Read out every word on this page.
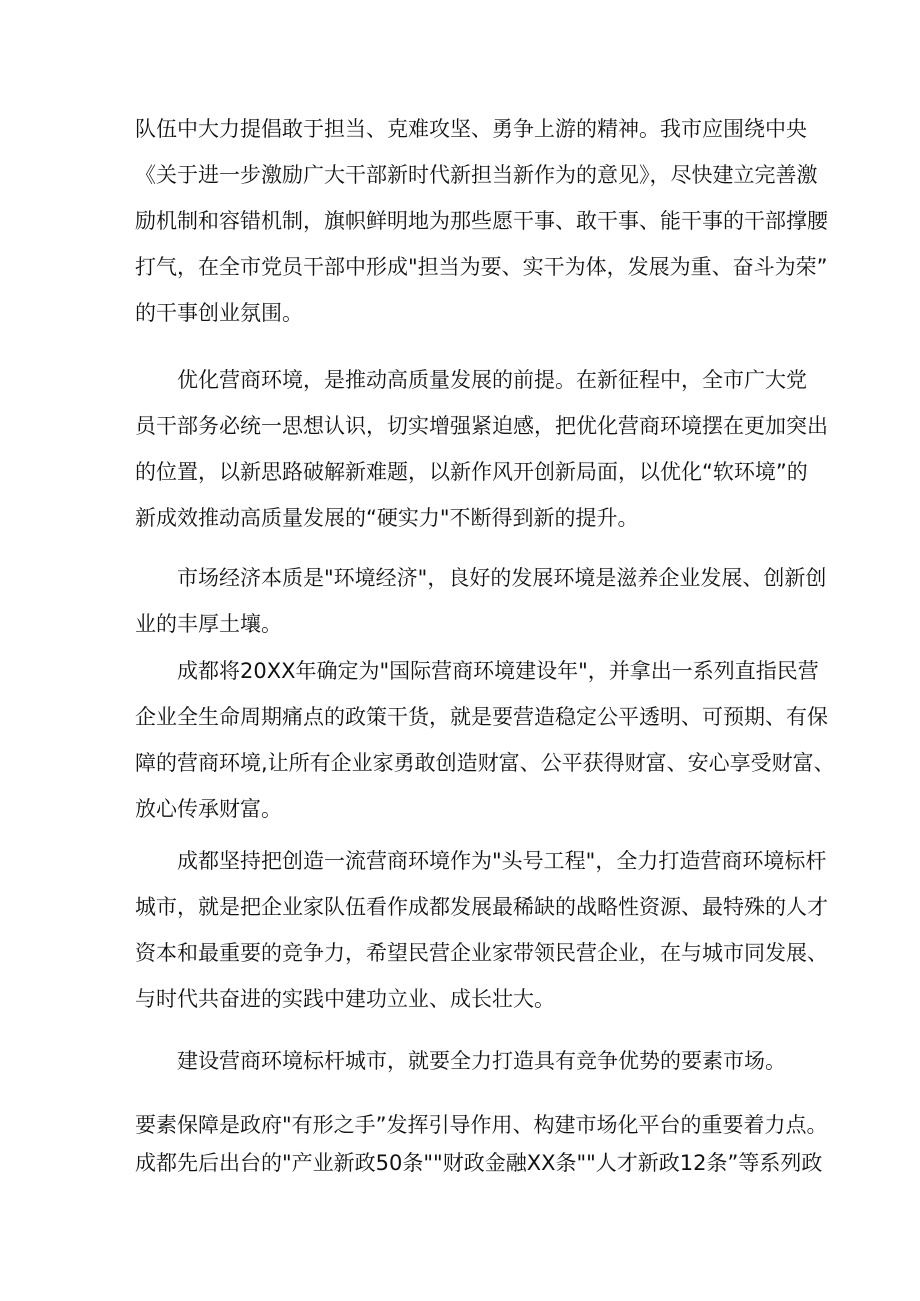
队伍中大力提倡敢于担当、克难攻坚、勇争上游的精神。我市应围绕中央
《关于进一步激励广大干部新时代新担当新作为的意见》，尽快建立完善激
励机制和容错机制，旗帜鲜明地为那些愿干事、敢干事、能干事的干部撑腰
打气，在全市党员干部中形成"担当为要、实干为体，发展为重、奋斗为荣”
的干事创业氛围。
优化营商环境，是推动高质量发展的前提。在新征程中，全市广大党
员干部务必统一思想认识，切实增强紧迫感，把优化营商环境摆在更加突出
的位置，以新思路破解新难题，以新作风开创新局面，以优化“软环境”的
新成效推动高质量发展的“硬实力"不断得到新的提升。
市场经济本质是"环境经济"，良好的发展环境是滋养企业发展、创新创
业的丰厚土壤。
成都将20XX年确定为"国际营商环境建设年"，并拿出一系列直指民营
企业全生命周期痛点的政策干货，就是要营造稳定公平透明、可预期、有保
障的营商环境,让所有企业家勇敢创造财富、公平获得财富、安心享受财富、
放心传承财富。
成都坚持把创造一流营商环境作为"头号工程"，全力打造营商环境标杆
城市，就是把企业家队伍看作成都发展最稀缺的战略性资源、最特殊的人才
资本和最重要的竞争力，希望民营企业家带领民营企业，在与城市同发展、
与时代共奋进的实践中建功立业、成长壮大。
建设营商环境标杆城市，就要全力打造具有竞争优势的要素市场。
要素保障是政府"有形之手”发挥引导作用、构建市场化平台的重要着力点。
成都先后出台的"产业新政50条""财政金融XX条""人才新政12条”等系列政
